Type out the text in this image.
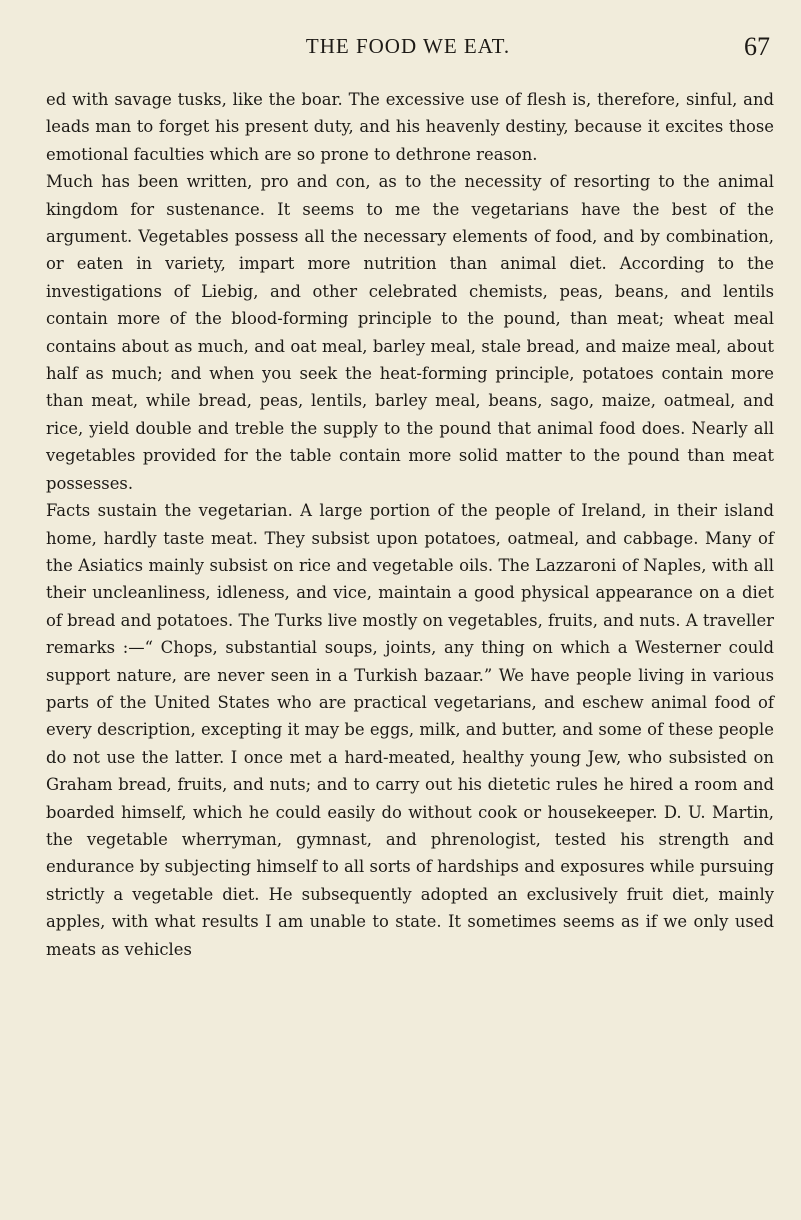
THE FOOD WE EAT.	67

ed with savage tusks, like the boar. The excessive use of flesh is, therefore, sinful, and leads man to forget his present duty, and his heavenly destiny, because it excites those emotional faculties which are so prone to dethrone reason.

Much has been written, pro and con, as to the necessity of resorting to the animal kingdom for sustenance. It seems to me the vegetarians have the best of the argument. Vegetables possess all the necessary elements of food, and by combination, or eaten in variety, impart more nutrition than animal diet. According to the investigations of Liebig, and other celebrated chemists, peas, beans, and lentils contain more of the blood-forming principle to the pound, than meat; wheat meal contains about as much, and oat meal, barley meal, stale bread, and maize meal, about half as much; and when you seek the heat-forming principle, potatoes contain more than meat, while bread, peas, lentils, barley meal, beans, sago, maize, oatmeal, and rice, yield double and treble the supply to the pound that animal food does. Nearly all vegetables provided for the table contain more solid matter to the pound than meat possesses.

Facts sustain the vegetarian. A large portion of the people of Ireland, in their island home, hardly taste meat. They subsist upon potatoes, oatmeal, and cabbage. Many of the Asiatics mainly subsist on rice and vegetable oils. The Lazzaroni of Naples, with all their uncleanliness, idleness, and vice, maintain a good physical appearance on a diet of bread and potatoes. The Turks live mostly on vegetables, fruits, and nuts. A traveller remarks :—“ Chops, substantial soups, joints, any thing on which a Westerner could support nature, are never seen in a Turkish bazaar.” We have people living in various parts of the United States who are practical vegetarians, and eschew animal food of every description, excepting it may be eggs, milk, and butter, and some of these people do not use the latter. I once met a hard-meated, healthy young Jew, who subsisted on Graham bread, fruits, and nuts; and to carry out his dietetic rules he hired a room and boarded himself, which he could easily do without cook or housekeeper. D. U. Martin, the vegetable wherryman, gymnast, and phrenologist, tested his strength and endurance by subjecting himself to all sorts of hardships and exposures while pursuing strictly a vegetable diet. He subsequently adopted an exclusively fruit diet, mainly apples, with what results I am unable to state. It sometimes seems as if we only used meats as vehicles
